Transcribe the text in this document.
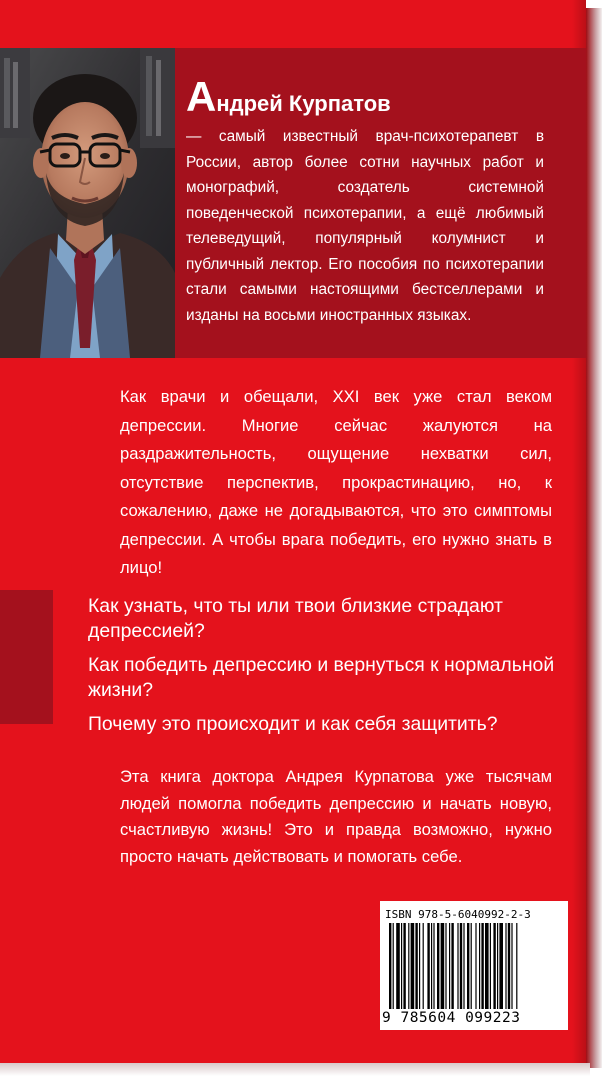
Андрей Курпатов

— самый известный врач-психотерапевт в России, автор более сотни научных работ и монографий, создатель системной поведенческой психотерапии, а ещё любимый телеведущий, популярный колумнист и публичный лектор. Его пособия по психотерапии стали самыми настоящими бестселлерами и изданы на восьми иностранных языках.

Как врачи и обещали, XXI век уже стал веком депрессии. Многие сейчас жалуются на раздражительность, ощущение нехватки сил, отсутствие перспектив, прокрастинацию, но, к сожалению, даже не догадываются, что это симптомы депрессии. А чтобы врага победить, его нужно знать в лицо!

Как узнать, что ты или твои близкие страдают депрессией?
Как победить депрессию и вернуться к нормальной жизни?
Почему это происходит и как себя защитить?

Эта книга доктора Андрея Курпатова уже тысячам людей помогла победить депрессию и начать новую, счастливую жизнь! Это и правда возможно, нужно просто начать действовать и помогать себе.

ISBN 978-5-6040992-2-3
9 785604 099223
